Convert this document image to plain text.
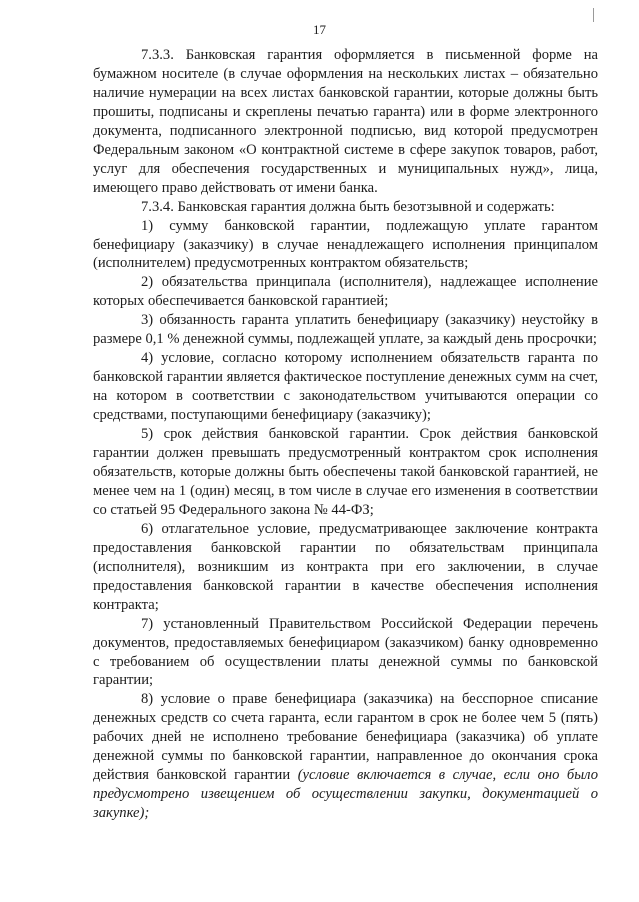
17

7.3.3. Банковская гарантия оформляется в письменной форме на бумажном носителе (в случае оформления на нескольких листах – обязательно наличие нумерации на всех листах банковской гарантии, которые должны быть прошиты, подписаны и скреплены печатью гаранта) или в форме электронного документа, подписанного электронной подписью, вид которой предусмотрен Федеральным законом «О контрактной системе в сфере закупок товаров, работ, услуг для обеспечения государственных и муниципальных нужд», лица, имеющего право действовать от имени банка.

7.3.4. Банковская гарантия должна быть безотзывной и содержать:

1) сумму банковской гарантии, подлежащую уплате гарантом бенефициару (заказчику) в случае ненадлежащего исполнения принципалом (исполнителем) предусмотренных контрактом обязательств;

2) обязательства принципала (исполнителя), надлежащее исполнение которых обеспечивается банковской гарантией;

3) обязанность гаранта уплатить бенефициару (заказчику) неустойку в размере 0,1 % денежной суммы, подлежащей уплате, за каждый день просрочки;

4) условие, согласно которому исполнением обязательств гаранта по банковской гарантии является фактическое поступление денежных сумм на счет, на котором в соответствии с законодательством учитываются операции со средствами, поступающими бенефициару (заказчику);

5) срок действия банковской гарантии. Срок действия банковской гарантии должен превышать предусмотренный контрактом срок исполнения обязательств, которые должны быть обеспечены такой банковской гарантией, не менее чем на 1 (один) месяц, в том числе в случае его изменения в соответствии со статьей 95 Федерального закона № 44-ФЗ;

6) отлагательное условие, предусматривающее заключение контракта предоставления банковской гарантии по обязательствам принципала (исполнителя), возникшим из контракта при его заключении, в случае предоставления банковской гарантии в качестве обеспечения исполнения контракта;

7) установленный Правительством Российской Федерации перечень документов, предоставляемых бенефициаром (заказчиком) банку одновременно с требованием об осуществлении платы денежной суммы по банковской гарантии;

8) условие о праве бенефициара (заказчика) на бесспорное списание денежных средств со счета гаранта, если гарантом в срок не более чем 5 (пять) рабочих дней не исполнено требование бенефициара (заказчика) об уплате денежной суммы по банковской гарантии, направленное до окончания срока действия банковской гарантии (условие включается в случае, если оно было предусмотрено извещением об осуществлении закупки, документацией о закупке);
